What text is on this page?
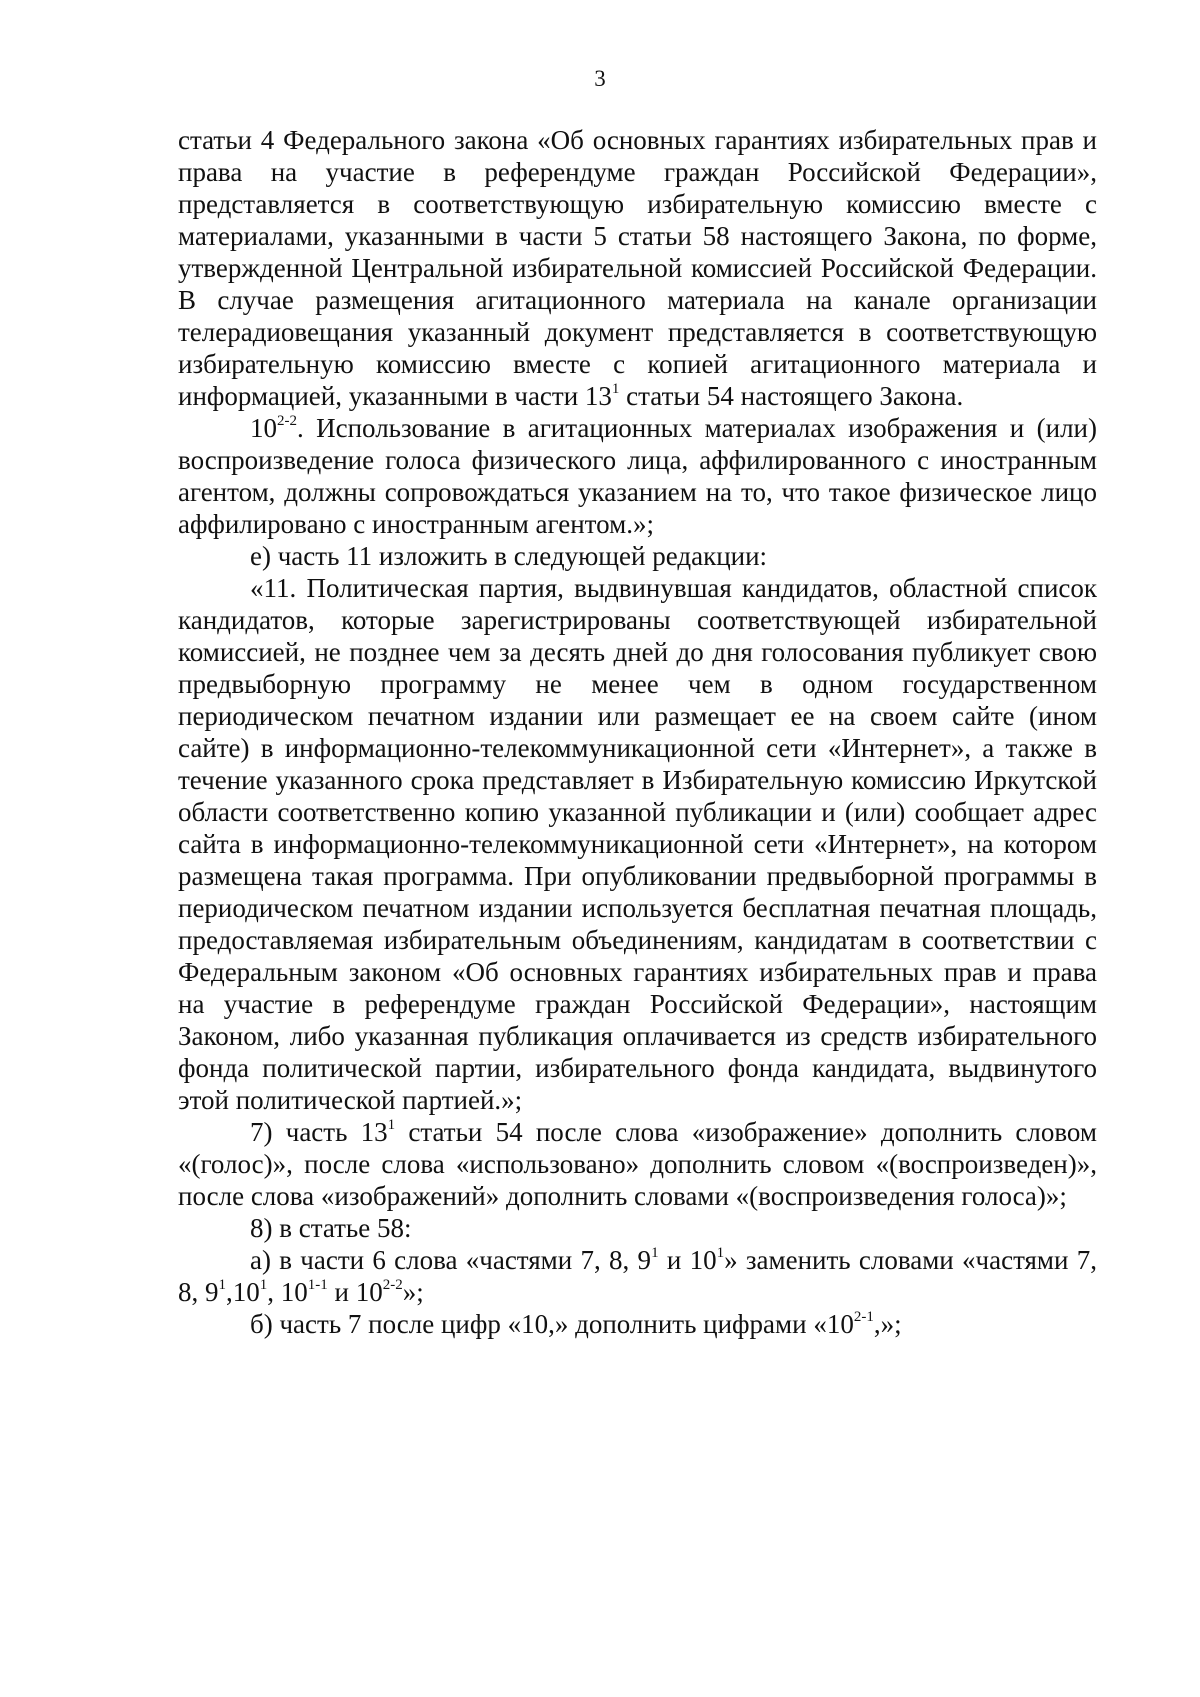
3

статьи 4 Федерального закона «Об основных гарантиях избирательных прав и права на участие в референдуме граждан Российской Федерации», представляется в соответствующую избирательную комиссию вместе с материалами, указанными в части 5 статьи 58 настоящего Закона, по форме, утвержденной Центральной избирательной комиссией Российской Федерации. В случае размещения агитационного материала на канале организации телерадиовещания указанный документ представляется в соответствующую избирательную комиссию вместе с копией агитационного материала и информацией, указанными в части $13^1$ статьи 54 настоящего Закона.

10$^{2-2}$. Использование в агитационных материалах изображения и (или) воспроизведение голоса физического лица, аффилированного с иностранным агентом, должны сопровождаться указанием на то, что такое физическое лицо аффилировано с иностранным агентом.»;

е) часть 11 изложить в следующей редакции:

«11. Политическая партия, выдвинувшая кандидатов, областной список кандидатов, которые зарегистрированы соответствующей избирательной комиссией, не позднее чем за десять дней до дня голосования публикует свою предвыборную программу не менее чем в одном государственном периодическом печатном издании или размещает ее на своем сайте (ином сайте) в информационно-телекоммуникационной сети «Интернет», а также в течение указанного срока представляет в Избирательную комиссию Иркутской области соответственно копию указанной публикации и (или) сообщает адрес сайта в информационно-телекоммуникационной сети «Интернет», на котором размещена такая программа. При опубликовании предвыборной программы в периодическом печатном издании используется бесплатная печатная площадь, предоставляемая избирательным объединениям, кандидатам в соответствии с Федеральным законом «Об основных гарантиях избирательных прав и права на участие в референдуме граждан Российской Федерации», настоящим Законом, либо указанная публикация оплачивается из средств избирательного фонда политической партии, избирательного фонда кандидата, выдвинутого этой политической партией.»;

7) часть $13^1$ статьи 54 после слова «изображение» дополнить словом «(голос)», после слова «использовано» дополнить словом «(воспроизведен)», после слова «изображений» дополнить словами «(воспроизведения голоса)»;

8) в статье 58:

а) в части 6 слова «частями 7, 8, $9^1$ и $10^1$» заменить словами «частями 7, 8, $9^1,10^1$, 10$^{1-1}$ и 10$^{2-2}$»;

б) часть 7 после цифр «10,» дополнить цифрами «10$^{2-1}$,»;
